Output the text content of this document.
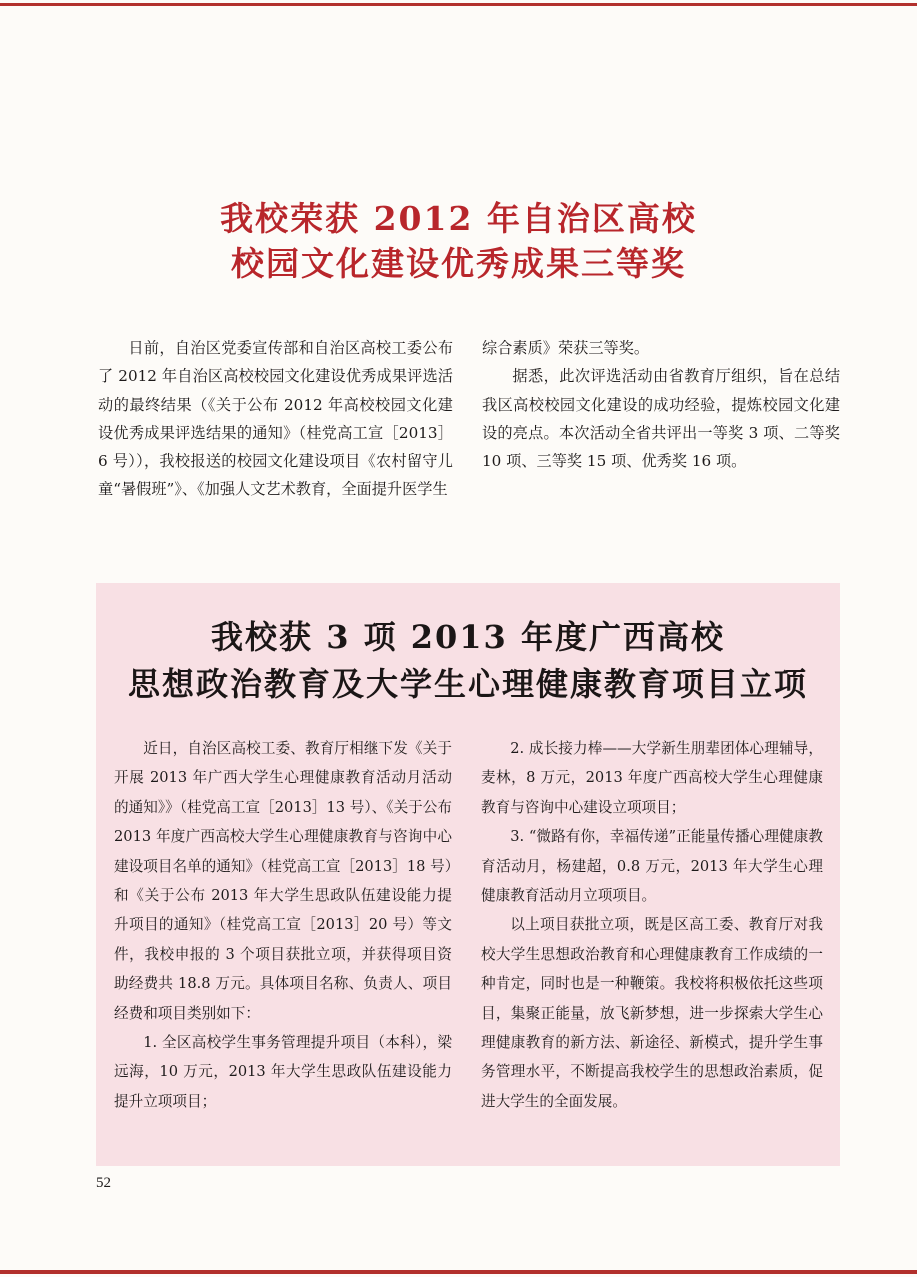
我校荣获 2012 年自治区高校
校园文化建设优秀成果三等奖

日前，自治区党委宣传部和自治区高校工委公布了 2012 年自治区高校校园文化建设优秀成果评选活动的最终结果（《关于公布 2012 年高校校园文化建设优秀成果评选结果的通知》（桂党高工宣［2013］6 号）），我校报送的校园文化建设项目《农村留守儿童“暑假班”》、《加强人文艺术教育，全面提升医学生

综合素质》荣获三等奖。

据悉，此次评选活动由省教育厅组织，旨在总结我区高校校园文化建设的成功经验，提炼校园文化建设的亮点。本次活动全省共评出一等奖 3 项、二等奖 10 项、三等奖 15 项、优秀奖 16 项。

我校获 3 项 2013 年度广西高校
思想政治教育及大学生心理健康教育项目立项

近日，自治区高校工委、教育厅相继下发《关于开展 2013 年广西大学生心理健康教育活动月活动的通知》》（桂党高工宣［2013］13 号）、《关于公布 2013 年度广西高校大学生心理健康教育与咨询中心建设项目名单的通知》（桂党高工宣［2013］18 号）和《关于公布 2013 年大学生思政队伍建设能力提升项目的通知》（桂党高工宣［2013］20 号）等文件，我校申报的 3 个项目获批立项，并获得项目资助经费共 18.8 万元。具体项目名称、负责人、项目经费和项目类别如下：

1. 全区高校学生事务管理提升项目（本科），梁远海，10 万元，2013 年大学生思政队伍建设能力提升立项项目；

2. 成长接力棒——大学新生朋辈团体心理辅导，麦林，8 万元，2013 年度广西高校大学生心理健康教育与咨询中心建设立项项目；

3. “微路有你，幸福传递”正能量传播心理健康教育活动月，杨建超，0.8 万元，2013 年大学生心理健康教育活动月立项项目。

以上项目获批立项，既是区高工委、教育厅对我校大学生思想政治教育和心理健康教育工作成绩的一种肯定，同时也是一种鞭策。我校将积极依托这些项目，集聚正能量，放飞新梦想，进一步探索大学生心理健康教育的新方法、新途径、新模式，提升学生事务管理水平，不断提高我校学生的思想政治素质，促进大学生的全面发展。

52
